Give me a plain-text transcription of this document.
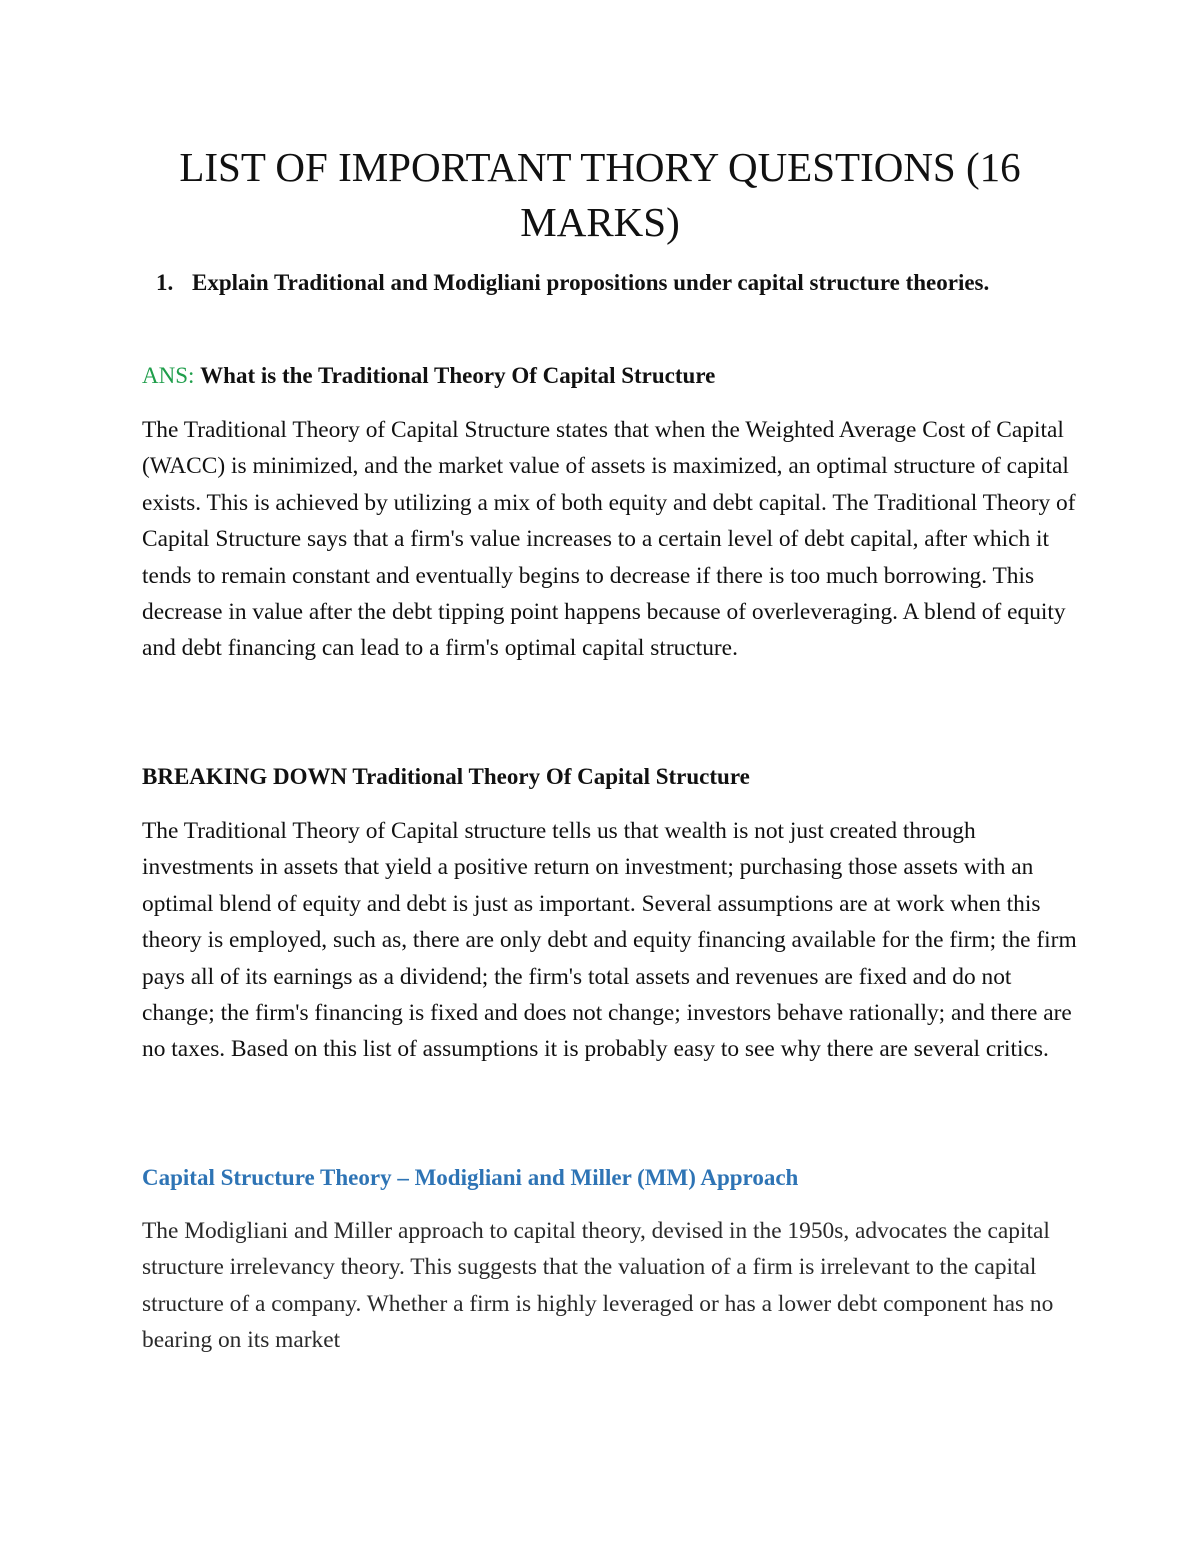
LIST OF IMPORTANT THORY QUESTIONS (16 MARKS)
1. Explain Traditional and Modigliani propositions under capital structure theories.

ANS: What is the Traditional Theory Of Capital Structure

The Traditional Theory of Capital Structure states that when the Weighted Average Cost of Capital (WACC) is minimized, and the market value of assets is maximized, an optimal structure of capital exists. This is achieved by utilizing a mix of both equity and debt capital. The Traditional Theory of Capital Structure says that a firm's value increases to a certain level of debt capital, after which it tends to remain constant and eventually begins to decrease if there is too much borrowing. This decrease in value after the debt tipping point happens because of overleveraging. A blend of equity and debt financing can lead to a firm's optimal capital structure.

BREAKING DOWN Traditional Theory Of Capital Structure

The Traditional Theory of Capital structure tells us that wealth is not just created through investments in assets that yield a positive return on investment; purchasing those assets with an optimal blend of equity and debt is just as important. Several assumptions are at work when this theory is employed, such as, there are only debt and equity financing available for the firm; the firm pays all of its earnings as a dividend; the firm's total assets and revenues are fixed and do not change; the firm's financing is fixed and does not change; investors behave rationally; and there are no taxes. Based on this list of assumptions it is probably easy to see why there are several critics.

Capital Structure Theory – Modigliani and Miller (MM) Approach

The Modigliani and Miller approach to capital theory, devised in the 1950s, advocates the capital structure irrelevancy theory. This suggests that the valuation of a firm is irrelevant to the capital structure of a company. Whether a firm is highly leveraged or has a lower debt component has no bearing on its market
